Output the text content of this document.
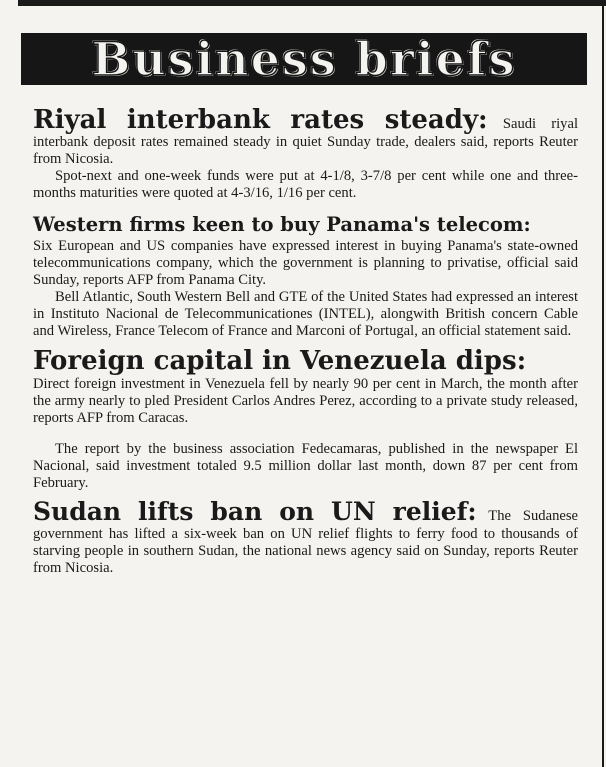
Business briefs

Riyal interbank rates steady: Saudi riyal interbank deposit rates remained steady in quiet Sunday trade, dealers said, reports Reuter from Nicosia.

Spot-next and one-week funds were put at 4-1/8, 3-7/8 per cent while one and three-months maturities were quoted at 4-3/16, 1/16 per cent.

Western firms keen to buy Panama's telecom:

Six European and US companies have expressed interest in buying Panama's state-owned telecommunications company, which the government is planning to privatise, official said Sunday, reports AFP from Panama City.

Bell Atlantic, South Western Bell and GTE of the United States had expressed an interest in Instituto Nacional de Telecommunicationes (INTEL), alongwith British concern Cable and Wireless, France Telecom of France and Marconi of Portugal, an official statement said.

Foreign capital in Venezuela dips:

Direct foreign investment in Venezuela fell by nearly 90 per cent in March, the month after the army nearly to pled President Carlos Andres Perez, according to a private study released, reports AFP from Caracas.

The report by the business association Fedecamaras, published in the newspaper El Nacional, said investment totaled 9.5 million dollar last month, down 87 per cent from February.

Sudan lifts ban on UN relief: The Sudanese government has lifted a six-week ban on UN relief flights to ferry food to thousands of starving people in southern Sudan, the national news agency said on Sunday, reports Reuter from Nicosia.
